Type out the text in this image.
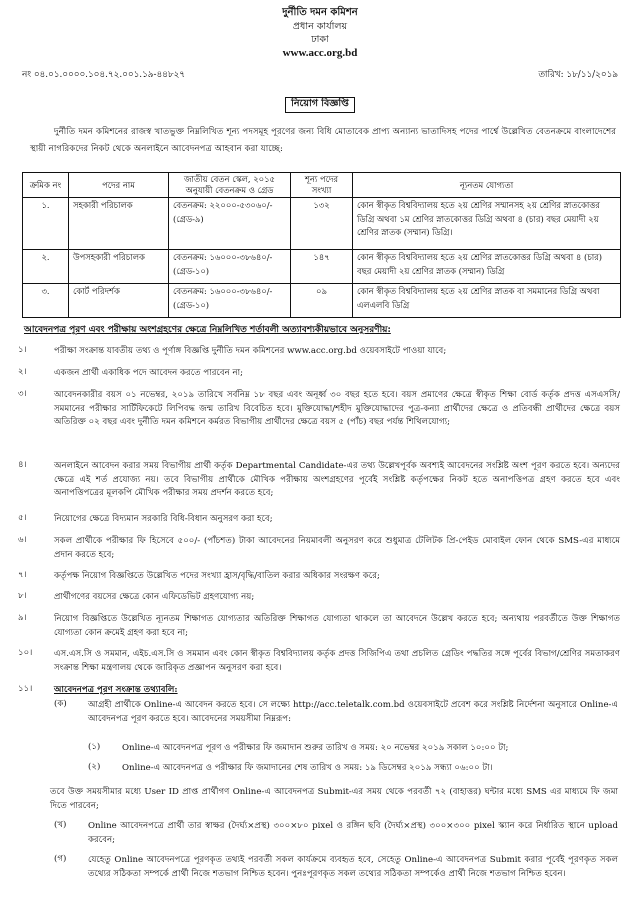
দুর্নীতি দমন কমিশন
প্রধান কার্যালয়
ঢাকা
www.acc.org.bd
নং ০৪.০১.০০০০.১০৪.৭২.০০১.১৯-৪৪৮২৭	তারিখ: ১৮/১১/২০১৯
নিয়োগ বিজ্ঞপ্তি
দুর্নীতি দমন কমিশনের রাজস্ব খাতভুক্ত নিম্নলিখিত শূন্য পদসমূহ পূরণের জন্য বিধি মোতাবেক প্রাপ্য অন্যান্য ভাতাদিসহ পদের পার্শ্বে উল্লেখিত বেতনক্রমে বাংলাদেশের স্থায়ী নাগরিকদের নিকট থেকে অনলাইনে আবেদনপত্র আহবান করা যাচ্ছে:
ক্রমিক নং	পদের নাম	জাতীয় বেতন স্কেল, ২০১৫ অনুযায়ী বেতনক্রম ও গ্রেড	শূন্য পদের সংখ্যা	ন্যূনতম যোগ্যতা
১.	সহকারী পরিচালক	বেতনক্রম: ২২০০০-৫৩০৬০/- (গ্রেড-৯)	১৩২	কোন স্বীকৃত বিশ্ববিদ্যালয় হতে ২য় শ্রেণির সম্মানসহ ২য় শ্রেণির স্নাতকোত্তর ডিগ্রি অথবা ১ম শ্রেণির স্নাতকোত্তর ডিগ্রি অথবা ৪ (চার) বছর মেয়াদী ২য় শ্রেণির স্নাতক (সম্মান) ডিগ্রি।
২.	উপসহকারী পরিচালক	বেতনক্রম: ১৬০০০-৩৮৬৪০/- (গ্রেড-১০)	১৪৭	কোন স্বীকৃত বিশ্ববিদ্যালয় হতে ২য় শ্রেণির স্নাতকোত্তর ডিগ্রি অথবা ৪ (চার) বছর মেয়াদী ২য় শ্রেণির স্নাতক (সম্মান) ডিগ্রি
৩.	কোর্ট পরিদর্শক	বেতনক্রম: ১৬০০০-৩৮৬৪০/- (গ্রেড-১০)	০৯	কোন স্বীকৃত বিশ্ববিদ্যালয় হতে ২য় শ্রেণির স্নাতক বা সমমানের ডিগ্রি অথবা এলএলবি ডিগ্রি
আবেদনপত্র পূরণ এবং পরীক্ষায় অংশগ্রহণের ক্ষেত্রে নিম্নলিখিত শর্তাবলী অত্যাবশ্যকীয়ভাবে অনুসরণীয়:
১।	পরীক্ষা সংক্রান্ত যাবতীয় তথ্য ও পূর্ণাঙ্গ বিজ্ঞপ্তি দুর্নীতি দমন কমিশনের www.acc.org.bd ওয়েবসাইটে পাওয়া যাবে;
২।	একজন প্রার্থী একাধিক পদে আবেদন করতে পারবেন না;
৩।	আবেদনকারীর বয়স ০১ নভেম্বর, ২০১৯ তারিখে সর্বনিম্ন ১৮ বছর এবং অনূর্ধ্ব ৩০ বছর হতে হবে। বয়স প্রমাণের ক্ষেত্রে স্বীকৃত শিক্ষা বোর্ড কর্তৃক প্রদত্ত এসএসসি/সমমানের পরীক্ষার সার্টিফিকেটে লিপিবদ্ধ জন্ম তারিখ বিবেচিত হবে। মুক্তিযোদ্ধা/শহীদ মুক্তিযোদ্ধাদের পুত্র-কন্যা প্রার্থীদের ক্ষেত্রে ও প্রতিবন্ধী প্রার্থীদের ক্ষেত্রে বয়স অতিরিক্ত ০২ বছর এবং দুর্নীতি দমন কমিশনে কর্মরত বিভাগীয় প্রার্থীদের ক্ষেত্রে বয়স ৫ (পাঁচ) বছর পর্যন্ত শিথিলযোগ্য;
৪।	অনলাইনে আবেদন করার সময় বিভাগীয় প্রার্থী কর্তৃক Departmental Candidate-এর তথ্য উল্লেখপূর্বক অবশ্যই আবেদনের সংশ্লিষ্ট অংশ পূরণ করতে হবে। অন্যদের ক্ষেত্রে এই শর্ত প্রযোজ্য নয়। তবে বিভাগীয় প্রার্থীকে মৌখিক পরীক্ষায় অংশগ্রহণের পূর্বেই সংশ্লিষ্ট কর্তৃপক্ষের নিকট হতে অনাপত্তিপত্র গ্রহণ করতে হবে এবং অনাপত্তিপত্রের মূলকপি মৌখিক পরীক্ষার সময় প্রদর্শন করতে হবে;
৫।	নিয়োগের ক্ষেত্রে বিদ্যমান সরকারি বিধি-বিধান অনুসরণ করা হবে;
৬।	সকল প্রার্থীকে পরীক্ষার ফি হিসেবে ৫০০/- (পাঁচশত) টাকা আবেদনের নিয়মাবলী অনুসরণ করে শুধুমাত্র টেলিটক প্রি-পেইড মোবাইল ফোন থেকে SMS-এর মাধ্যমে প্রদান করতে হবে;
৭।	কর্তৃপক্ষ নিয়োগ বিজ্ঞপ্তিতে উল্লেখিত পদের সংখ্যা হ্রাস/বৃদ্ধি/বাতিল করার অধিকার সংরক্ষণ করে;
৮।	প্রার্থীগণের বয়সের ক্ষেত্রে কোন এফিডেভিট গ্রহণযোগ্য নয়;
৯।	নিয়োগ বিজ্ঞপ্তিতে উল্লেখিত ন্যূনতম শিক্ষাগত যোগ্যতার অতিরিক্ত শিক্ষাগত যোগ্যতা থাকলে তা আবেদনে উল্লেখ করতে হবে; অন্যথায় পরবর্তীতে উক্ত শিক্ষাগত যোগ্যতা কোন ক্রমেই গ্রহণ করা হবে না;
১০।	এস.এস.সি ও সমমান, এইচ.এস.সি ও সমমান এবং কোন স্বীকৃত বিশ্ববিদ্যালয় কর্তৃক প্রদত্ত সিজিপিএ তথা প্রচলিত গ্রেডিং পদ্ধতির সঙ্গে পূর্বের বিভাগ/শ্রেণির সমতাকরণ সংক্রান্ত শিক্ষা মন্ত্রণালয় থেকে জারিকৃত প্রজ্ঞাপন অনুসরণ করা হবে।
১১।	আবেদনপত্র পূরণ সংক্রান্ত তথ্যাবলি:
(ক)	আগ্রহী প্রার্থীকে Online-এ আবেদন করতে হবে। সে লক্ষ্যে http://acc.teletalk.com.bd ওয়েবসাইটে প্রবেশ করে সংশ্লিষ্ট নির্দেশনা অনুসারে Online-এ আবেদনপত্র পূরণ করতে হবে। আবেদনের সময়সীমা নিম্নরূপ:
(১)	Online-এ আবেদনপত্র পূরণ ও পরীক্ষার ফি জমাদান শুরুর তারিখ ও সময়: ২০ নভেম্বর ২০১৯ সকাল ১০:০০ টা;
(২)	Online-এ আবেদনপত্র ও পরীক্ষার ফি জমাদানের শেষ তারিখ ও সময়: ১৯ ডিসেম্বর ২০১৯ সন্ধ্যা ০৬:০০ টা।
তবে উক্ত সময়সীমার মধ্যে User ID প্রাপ্ত প্রার্থীগণ Online-এ আবেদনপত্র Submit-এর সময় থেকে পরবর্তী ৭২ (বাহাত্তর) ঘন্টার মধ্যে SMS এর মাধ্যমে ফি জমা দিতে পারবেন;
(খ)	Online আবেদনপত্রে প্রার্থী তার স্বাক্ষর (দৈর্ঘ্য×প্রস্থ) ৩০০×৮০ pixel ও রঙ্গিন ছবি (দৈর্ঘ্য×প্রস্থ) ৩০০×৩০০ pixel স্ক্যান করে নির্ধারিত স্থানে upload করবেন;
(গ)	যেহেতু Online আবেদনপত্রে পূরণকৃত তথ্যই পরবর্তী সকল কার্যক্রমে ব্যবহৃত হবে, সেহেতু Online-এ আবেদনপত্র Submit করার পূর্বেই পূরণকৃত সকল তথ্যের সঠিকতা সম্পর্কে প্রার্থী নিজে শতভাগ নিশ্চিত হবেন। পুনঃপূরণকৃত সকল তথ্যের সঠিকতা সম্পর্কেও প্রার্থী নিজে শতভাগ নিশ্চিত হবেন।
